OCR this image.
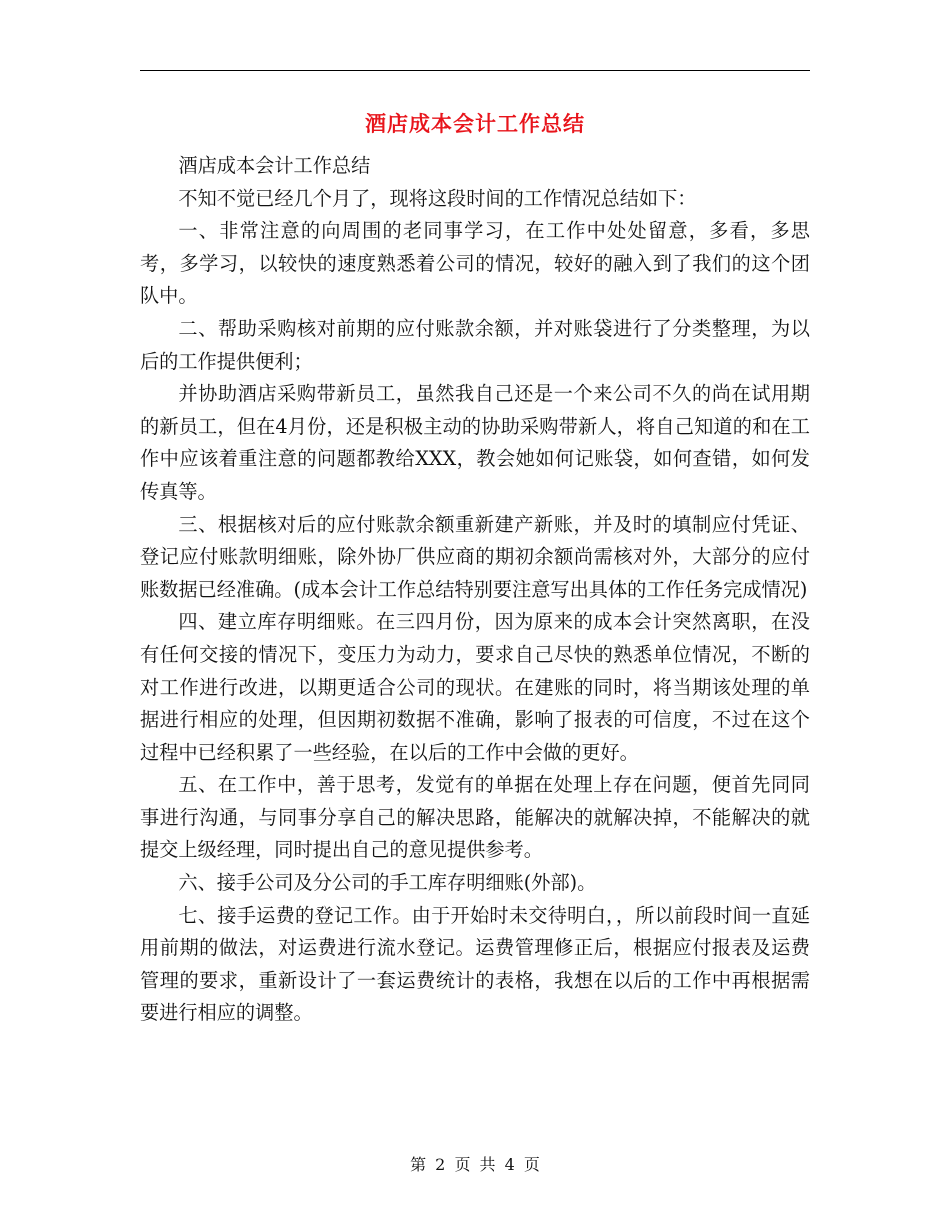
酒店成本会计工作总结

酒店成本会计工作总结

不知不觉已经几个月了，现将这段时间的工作情况总结如下：

一、非常注意的向周围的老同事学习，在工作中处处留意，多看，多思考，多学习，以较快的速度熟悉着公司的情况，较好的融入到了我们的这个团队中。

二、帮助采购核对前期的应付账款余额，并对账袋进行了分类整理，为以后的工作提供便利；

并协助酒店采购带新员工，虽然我自己还是一个来公司不久的尚在试用期的新员工，但在4月份，还是积极主动的协助采购带新人，将自己知道的和在工作中应该着重注意的问题都教给XXX，教会她如何记账袋，如何查错，如何发传真等。

三、根据核对后的应付账款余额重新建产新账，并及时的填制应付凭证、登记应付账款明细账，除外协厂供应商的期初余额尚需核对外，大部分的应付账数据已经准确。(成本会计工作总结特别要注意写出具体的工作任务完成情况)

四、建立库存明细账。在三四月份，因为原来的成本会计突然离职，在没有任何交接的情况下，变压力为动力，要求自己尽快的熟悉单位情况，不断的对工作进行改进，以期更适合公司的现状。在建账的同时，将当期该处理的单据进行相应的处理，但因期初数据不准确，影响了报表的可信度，不过在这个过程中已经积累了一些经验，在以后的工作中会做的更好。

五、在工作中，善于思考，发觉有的单据在处理上存在问题，便首先同同事进行沟通，与同事分享自己的解决思路，能解决的就解决掉，不能解决的就提交上级经理，同时提出自己的意见提供参考。

六、接手公司及分公司的手工库存明细账(外部)。

七、接手运费的登记工作。由于开始时未交待明白，，所以前段时间一直延用前期的做法，对运费进行流水登记。运费管理修正后，根据应付报表及运费管理的要求，重新设计了一套运费统计的表格，我想在以后的工作中再根据需要进行相应的调整。

第 2 页 共 4 页
